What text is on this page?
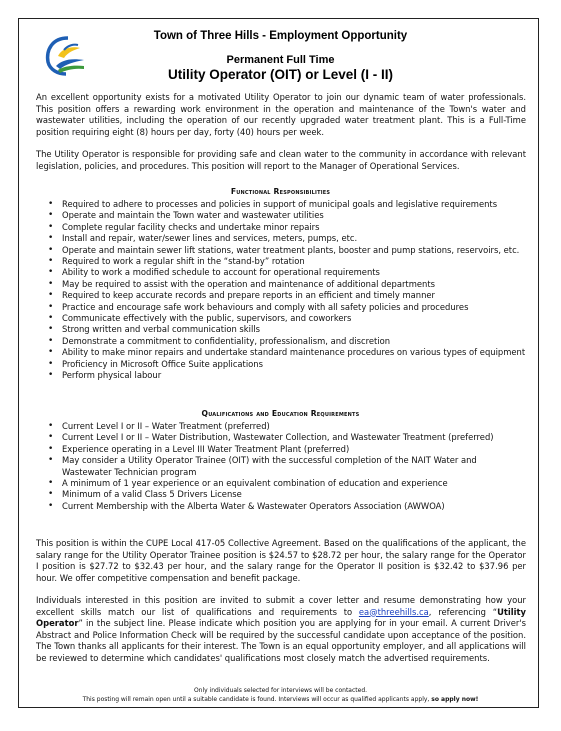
Town of Three Hills - Employment Opportunity
Permanent Full Time
Utility Operator (OIT) or Level (I - II)

An excellent opportunity exists for a motivated Utility Operator to join our dynamic team of water professionals. This position offers a rewarding work environment in the operation and maintenance of the Town's water and wastewater utilities, including the operation of our recently upgraded water treatment plant. This is a Full-Time position requiring eight (8) hours per day, forty (40) hours per week.

The Utility Operator is responsible for providing safe and clean water to the community in accordance with relevant legislation, policies, and procedures. This position will report to the Manager of Operational Services.

Functional Responsibilities
• Required to adhere to processes and policies in support of municipal goals and legislative requirements
• Operate and maintain the Town water and wastewater utilities
• Complete regular facility checks and undertake minor repairs
• Install and repair, water/sewer lines and services, meters, pumps, etc.
• Operate and maintain sewer lift stations, water treatment plants, booster and pump stations, reservoirs, etc.
• Required to work a regular shift in the “stand-by” rotation
• Ability to work a modified schedule to account for operational requirements
• May be required to assist with the operation and maintenance of additional departments
• Required to keep accurate records and prepare reports in an efficient and timely manner
• Practice and encourage safe work behaviours and comply with all safety policies and procedures
• Communicate effectively with the public, supervisors, and coworkers
• Strong written and verbal communication skills
• Demonstrate a commitment to confidentiality, professionalism, and discretion
• Ability to make minor repairs and undertake standard maintenance procedures on various types of equipment
• Proficiency in Microsoft Office Suite applications
• Perform physical labour
Qualifications and Education Requirements
• Current Level I or II – Water Treatment (preferred)
• Current Level I or II – Water Distribution, Wastewater Collection, and Wastewater Treatment (preferred)
• Experience operating in a Level III Water Treatment Plant (preferred)
• May consider a Utility Operator Trainee (OIT) with the successful completion of the NAIT Water and Wastewater Technician program
• A minimum of 1 year experience or an equivalent combination of education and experience
• Minimum of a valid Class 5 Drivers License
• Current Membership with the Alberta Water & Wastewater Operators Association (AWWOA)

This position is within the CUPE Local 417-05 Collective Agreement. Based on the qualifications of the applicant, the salary range for the Utility Operator Trainee position is $24.57 to $28.72 per hour, the salary range for the Operator I position is $27.72 to $32.43 per hour, and the salary range for the Operator II position is $32.42 to $37.96 per hour. We offer competitive compensation and benefit package.

Individuals interested in this position are invited to submit a cover letter and resume demonstrating how your excellent skills match our list of qualifications and requirements to ea@threehills.ca, referencing “Utility Operator” in the subject line. Please indicate which position you are applying for in your email. A current Driver's Abstract and Police Information Check will be required by the successful candidate upon acceptance of the position. The Town thanks all applicants for their interest. The Town is an equal opportunity employer, and all applications will be reviewed to determine which candidates' qualifications most closely match the advertised requirements.

Only individuals selected for interviews will be contacted.
This posting will remain open until a suitable candidate is found. Interviews will occur as qualified applicants apply, so apply now!
